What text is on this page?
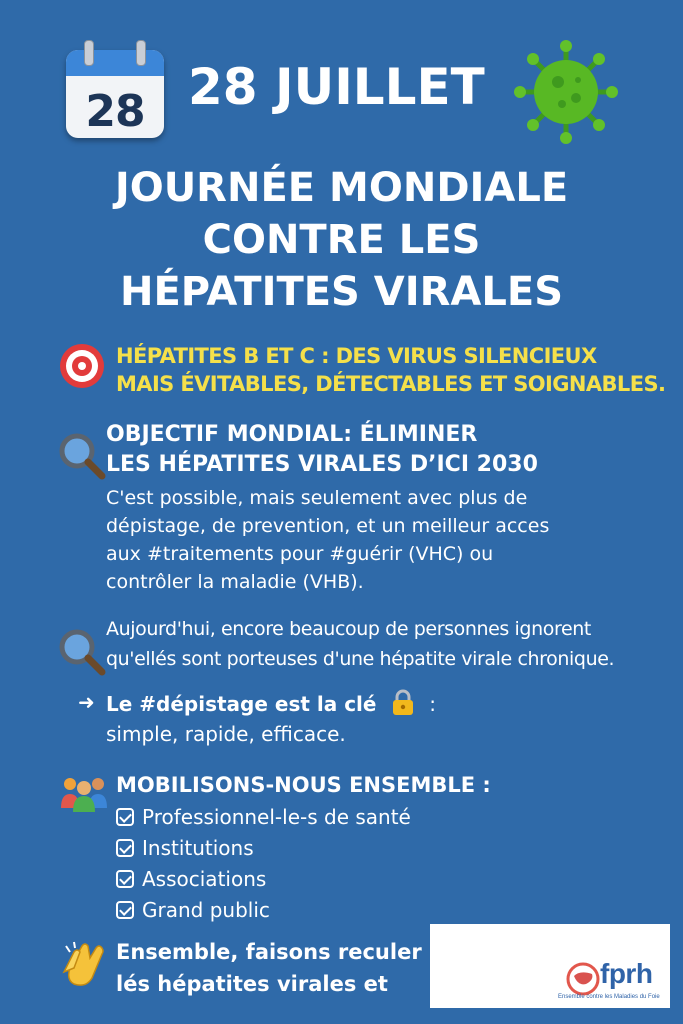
28 28 JUILLET
JOURNÉE MONDIALE
CONTRE LES
HÉPATITES VIRALES
HÉPATITES B ET C : DES VIRUS SILENCIEUX
MAIS ÉVITABLES, DÉTECTABLES ET SOIGNABLES.
OBJECTIF MONDIAL: ÉLIMINER
LES HÉPATITES VIRALES D’ICI 2030
C'est possible, mais seulement avec plus de
dépistage, de prevention, et un meilleur acces
aux #traitements pour #guérir (VHC) ou
contrôler la maladie (VHB).
Aujourd'hui, encore beaucoup de personnes ignorent
qu'ellés sont porteuses d'une hépatite virale chronique.
➜ Le #dépistage est la clé	:
simple, rapide, efficace.
MOBILISONS-NOUS ENSEMBLE :
Professionnel-le-s de santé
Institutions
Associations
Grand public
Ensemble, faisons reculer
lés hépatites virales et	fprh
Ensemble contre les Maladies du Foie
